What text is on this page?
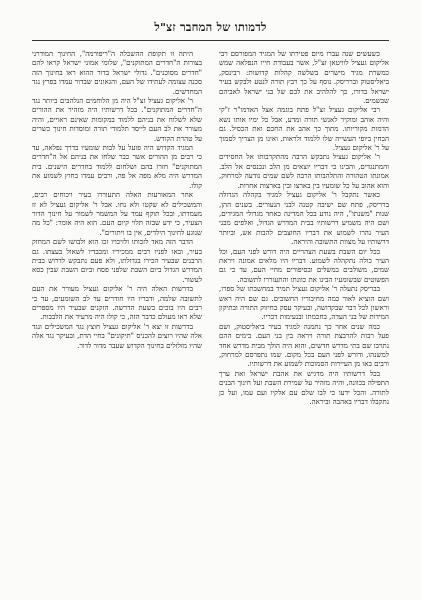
לדמותו של המחבר זצ"ל

כשעשים שנה עברו מיום פטירתו של המגיד המפורסם רבי אליקום געציל לוויטאן זצ"ל, אשר בעבודת חייו הנפלאה שמש כמשרת מגיד מישרים בשלשה קהלות קדושות: רבינסק, ביאליסטוק וברריסק. נוסף על כך רבץ תורה לנטע ולבקש בעיר ישראל בדורו, כך להלהיב את לבם של בני ישראל לאביהם שבשמים.

רבי אליקום געציל זצ"ל פתח בוגמה אצל האדמו"ר ז"קי והיה אוהב ומוקיר לאנשי תורה ומדע, אבל כל ימיו אותו נשא הדמות מקוריותו. מתוך כך אהב את החכם ואת הכסיל. גם הבחין ביופי העשייה שלו ללמוד ולראות, ואינו מן הצריך לסמוך על ר' אליקום געציל.

ר' אליקום געציל נתבקש הרבה מהתקרבותו אל החסידים והמתנגדים, והבינו כי דבריו יוצאים מן הלב ונכנסים אל הלב. אמונתו הטהורה והתלהבותו הרבה לשם שמים נודעה למרחוק, והוא אהוב על כל שומעיו בין בארצו ובין בארצות אחרות.

כאשר נתקבל ר' אליקום געציל למגיד בקהלה הגדולה ברריסק, פתח שם ישיבה קטנה לבני הנעורים. בשנים ההן, שנות "משנתו", היה נודע בכל המדינה כאחד מגדולי המגידים, ושם היה משמיע דרשותיו בבית המדרש הגדול, ואלפים מבני העיר נהרו לשמוע את דבריו החוצבים להבות אש, וביותר דרשותיו על מצוות התשובה והיראה.

בכל יום השבת בשעת הצהריים היה דורש לפני העם, וכל העיר כולה נתקהלה לשמוע. דבריו היו מלאים אמונה ויראת שמים, משולבים במשלים ובסיפורים מחיי העם, עד כי גם הפשוטים שבשומעיו הבינו את כוונתו והתעוררו לתשובה.

בבריסק נתעלה ר' אליקום געציל תמיד במחשבתו של ספרו, ושם הוציא לאור כמה מחיבוריו החשובים. גם שם היה ראש וראשון לכל דבר שבקדושה, ובעיקר עסק בחיזוק התורה ובתיקון המידות של בני העדה, בחכמתו ובנעימות דבריו.

כמה שנים אחר כך נתמנה למגיד בעיר ביאליסטוק, ושם פעל רבות להרבצת תורה ויראה בין בני העם. בימים ההם נתרבו שם בתי מדרש חדשים, והוא היה הולך מבית מדרש אחד למשנהו, ודורש לפני העם בכל מקום. שמו נתפרסם למרחוק, ורבים באו מן העיירות הסמוכות לשמוע את דרשותיו.

בכל דרשותיו היה מדגיש את אהבת ישראל ואת ערך התפילה בכוונה, והיה מזהיר על שמירת השבת ועל חינוך הבנים לתורה. והכל ידעו כי לבו שלם עם אלקיו ועם עמו, ועל כן נתקבלו דבריו באהבה וביראה.

היתה זו תקופת ההשכלה ה"ריפורמה", החינוך המודרני בצורות ה"חדרים המתוקנים", שלומי אמוני ישראל קראו להם "חדרים מסוכנים". גדולי ישראל בדור ההוא ראו בחינוך הזה סכנה עצומה לעתידו של העם, והגאונים שבדור עמדו בפרץ נגד המחדשים.

ר' אליקום געציל זצ"ל היה מן הלוחמים הנלהבים ביותר נגד ה"חדרים המתוקנים". בכל דרשותיו היה מזהיר את ההורים שלא לשלוח את בניהם ללמוד במקומות שאינם ראויים, והיה מעורר את לב העם לייסד תלמודי תורה ומוסדות חינוך כשרים על טהרת הקודש.

המגיד הקדוש היה פועל על לבות שומעיו בדרך נפלאה, עד כי רבים מן ההורים אשר כבר שלחו את בניהם אל ה"חדרים המתוקנים" חזרו בהם ושלחום ללמוד בחדרים הישנים. בית המדרש היה מלא מפה אל פה, ורבים עמדו בחוץ לשמוע את קולו.

אחר המאורעות האלה התעוררו בעיר ויכוחים רבים, והמשכילים לא שקטו ולא נחו. אבל ר' אליקום געציל לא זז מעמדתו, ובכל תוקף עמד על המשמר לשמור על חינוך הדור הצעיר, כי ידע שבזה תלוי קיום העם. הוא היה אומר: "כל מה שנוגע לחינוך הילדים, אין בו ויתורים".

הדבר הזה מאד לזכותו ולזיכויו זכו הוא ולבושו לשם המחזק בעיר, ובאו לפניו רבים ממכיריו ומכבדיו לשאול בעצתו. גם הרבנים שבעיר הכירו בגדולתו, ולא פעם נתבקש לדרוש בבית המדרש הגדול ביום השבת שלפני פסח וביום השבת שבין כסא לעשור.

בדרשות האלה היה ר' אליקום געציל מעורר את העם לתשובה שלמה, ודבריו היו חודרים עד לב השומעים, עד כי רבים היו בוכים בשעת הדרשה. הזקנים שבעיר היו מספרים שלא ראו מעולם כדבר הזה, כי קולו היה מרעיד את הלבבות.

בדרשות זו יצא ר' אליקום געציל חוצץ נגד המשכילים ונגד אלה שהיו רוצים להכניס "תיקונים" בחיי הדת, ובעיקר נגד אלה שהיו מזלזלים בחינוך הקדוש שעבר מדור לדור.
